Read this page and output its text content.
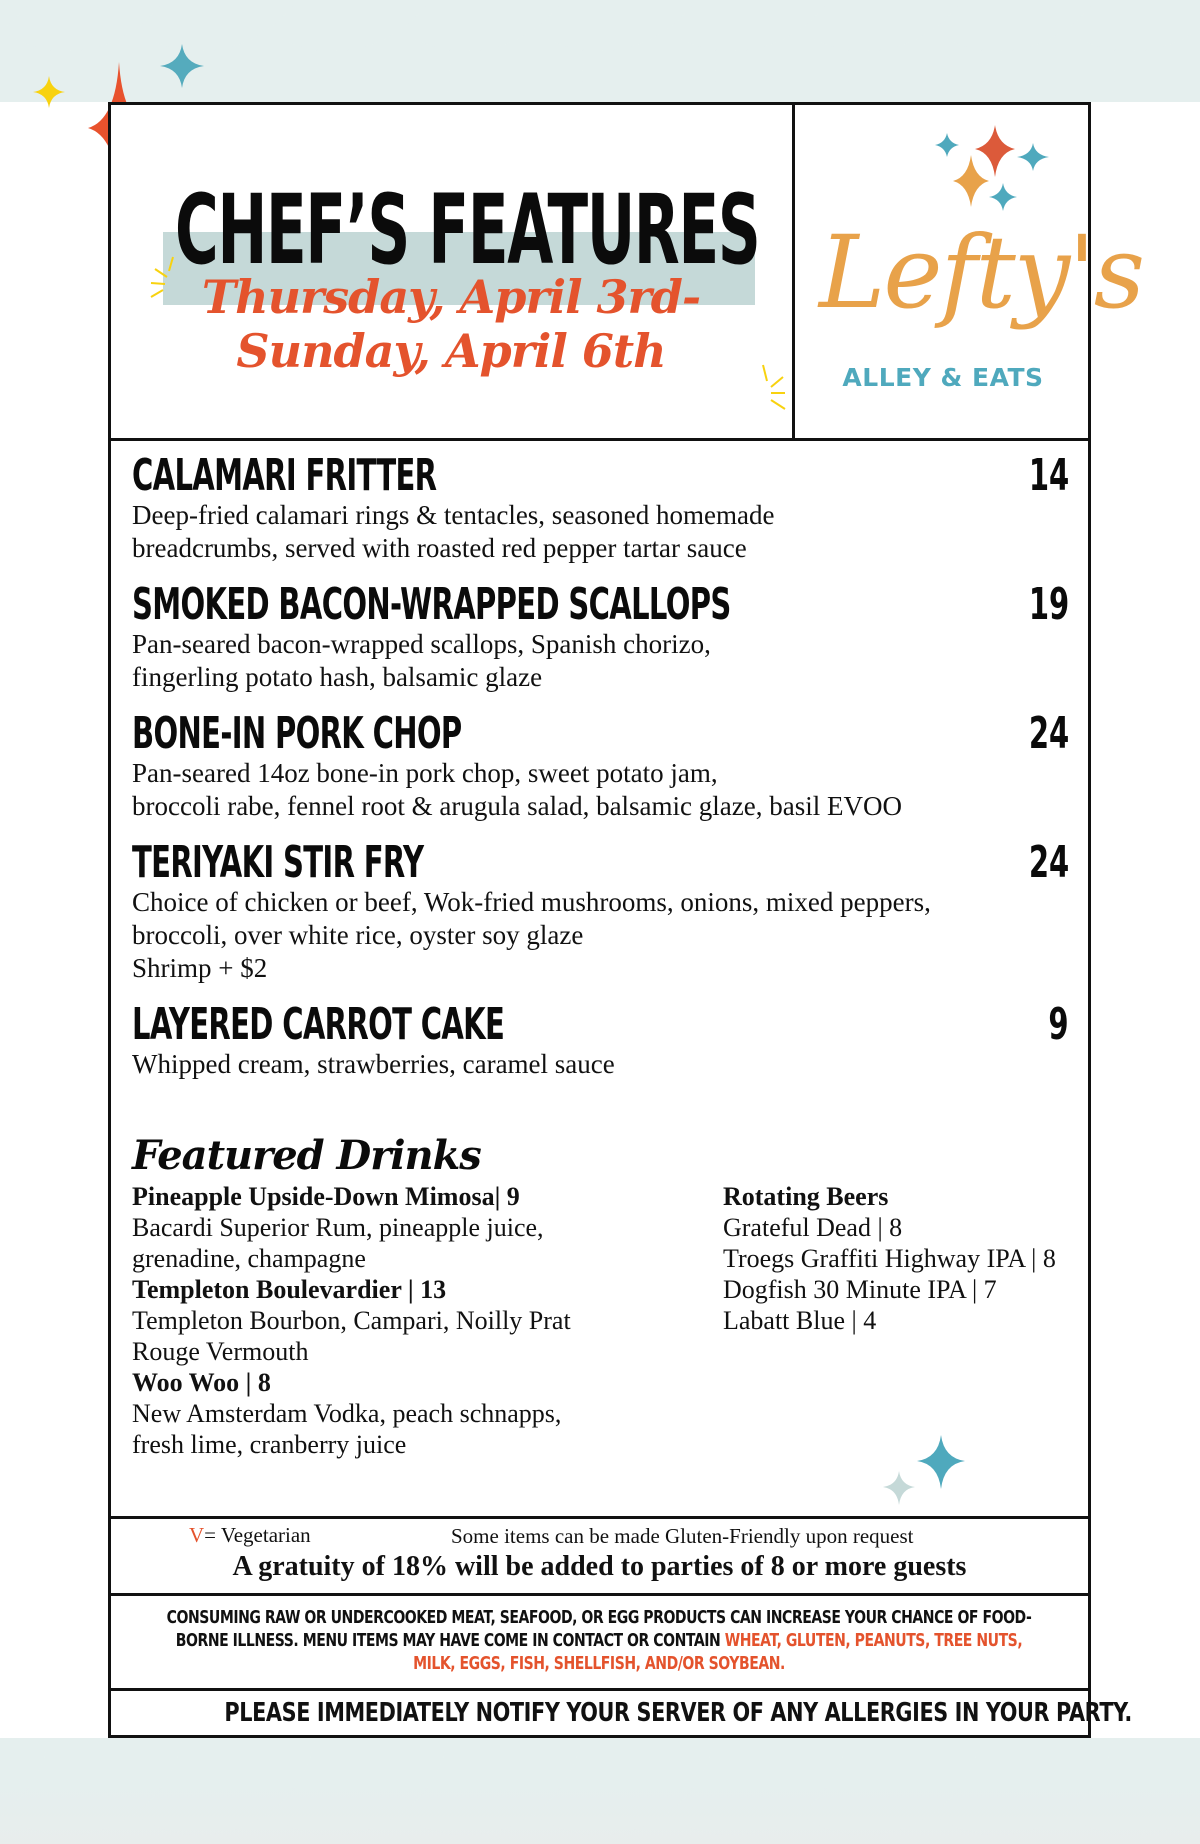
CHEF’S FEATURES
Thursday, April 3rd-
Sunday, April 6th
Lefty's
ALLEY & EATS
CALAMARI FRITTER	14
Deep-fried calamari rings & tentacles, seasoned homemade
breadcrumbs, served with roasted red pepper tartar sauce
SMOKED BACON-WRAPPED SCALLOPS	19
Pan-seared bacon-wrapped scallops, Spanish chorizo,
fingerling potato hash, balsamic glaze
BONE-IN PORK CHOP	24
Pan-seared 14oz bone-in pork chop, sweet potato jam,
broccoli rabe, fennel root & arugula salad, balsamic glaze, basil EVOO
TERIYAKI STIR FRY	24
Choice of chicken or beef, Wok-fried mushrooms, onions, mixed peppers,
broccoli, over white rice, oyster soy glaze
Shrimp + $2
LAYERED CARROT CAKE	9
Whipped cream, strawberries, caramel sauce
Featured Drinks
Pineapple Upside-Down Mimosa| 9
Bacardi Superior Rum, pineapple juice,
grenadine, champagne
Templeton Boulevardier | 13
Templeton Bourbon, Campari, Noilly Prat
Rouge Vermouth
Woo Woo | 8
New Amsterdam Vodka, peach schnapps,
fresh lime, cranberry juice
Rotating Beers
Grateful Dead | 8
Troegs Graffiti Highway IPA | 8
Dogfish 30 Minute IPA | 7
Labatt Blue | 4
V= Vegetarian	Some items can be made Gluten-Friendly upon request
A gratuity of 18% will be added to parties of 8 or more guests
CONSUMING RAW OR UNDERCOOKED MEAT, SEAFOOD, OR EGG PRODUCTS CAN INCREASE YOUR CHANCE OF FOOD-BORNE ILLNESS. MENU ITEMS MAY HAVE COME IN CONTACT OR CONTAIN WHEAT, GLUTEN, PEANUTS, TREE NUTS, MILK, EGGS, FISH, SHELLFISH, AND/OR SOYBEAN.
PLEASE IMMEDIATELY NOTIFY YOUR SERVER OF ANY ALLERGIES IN YOUR PARTY.
